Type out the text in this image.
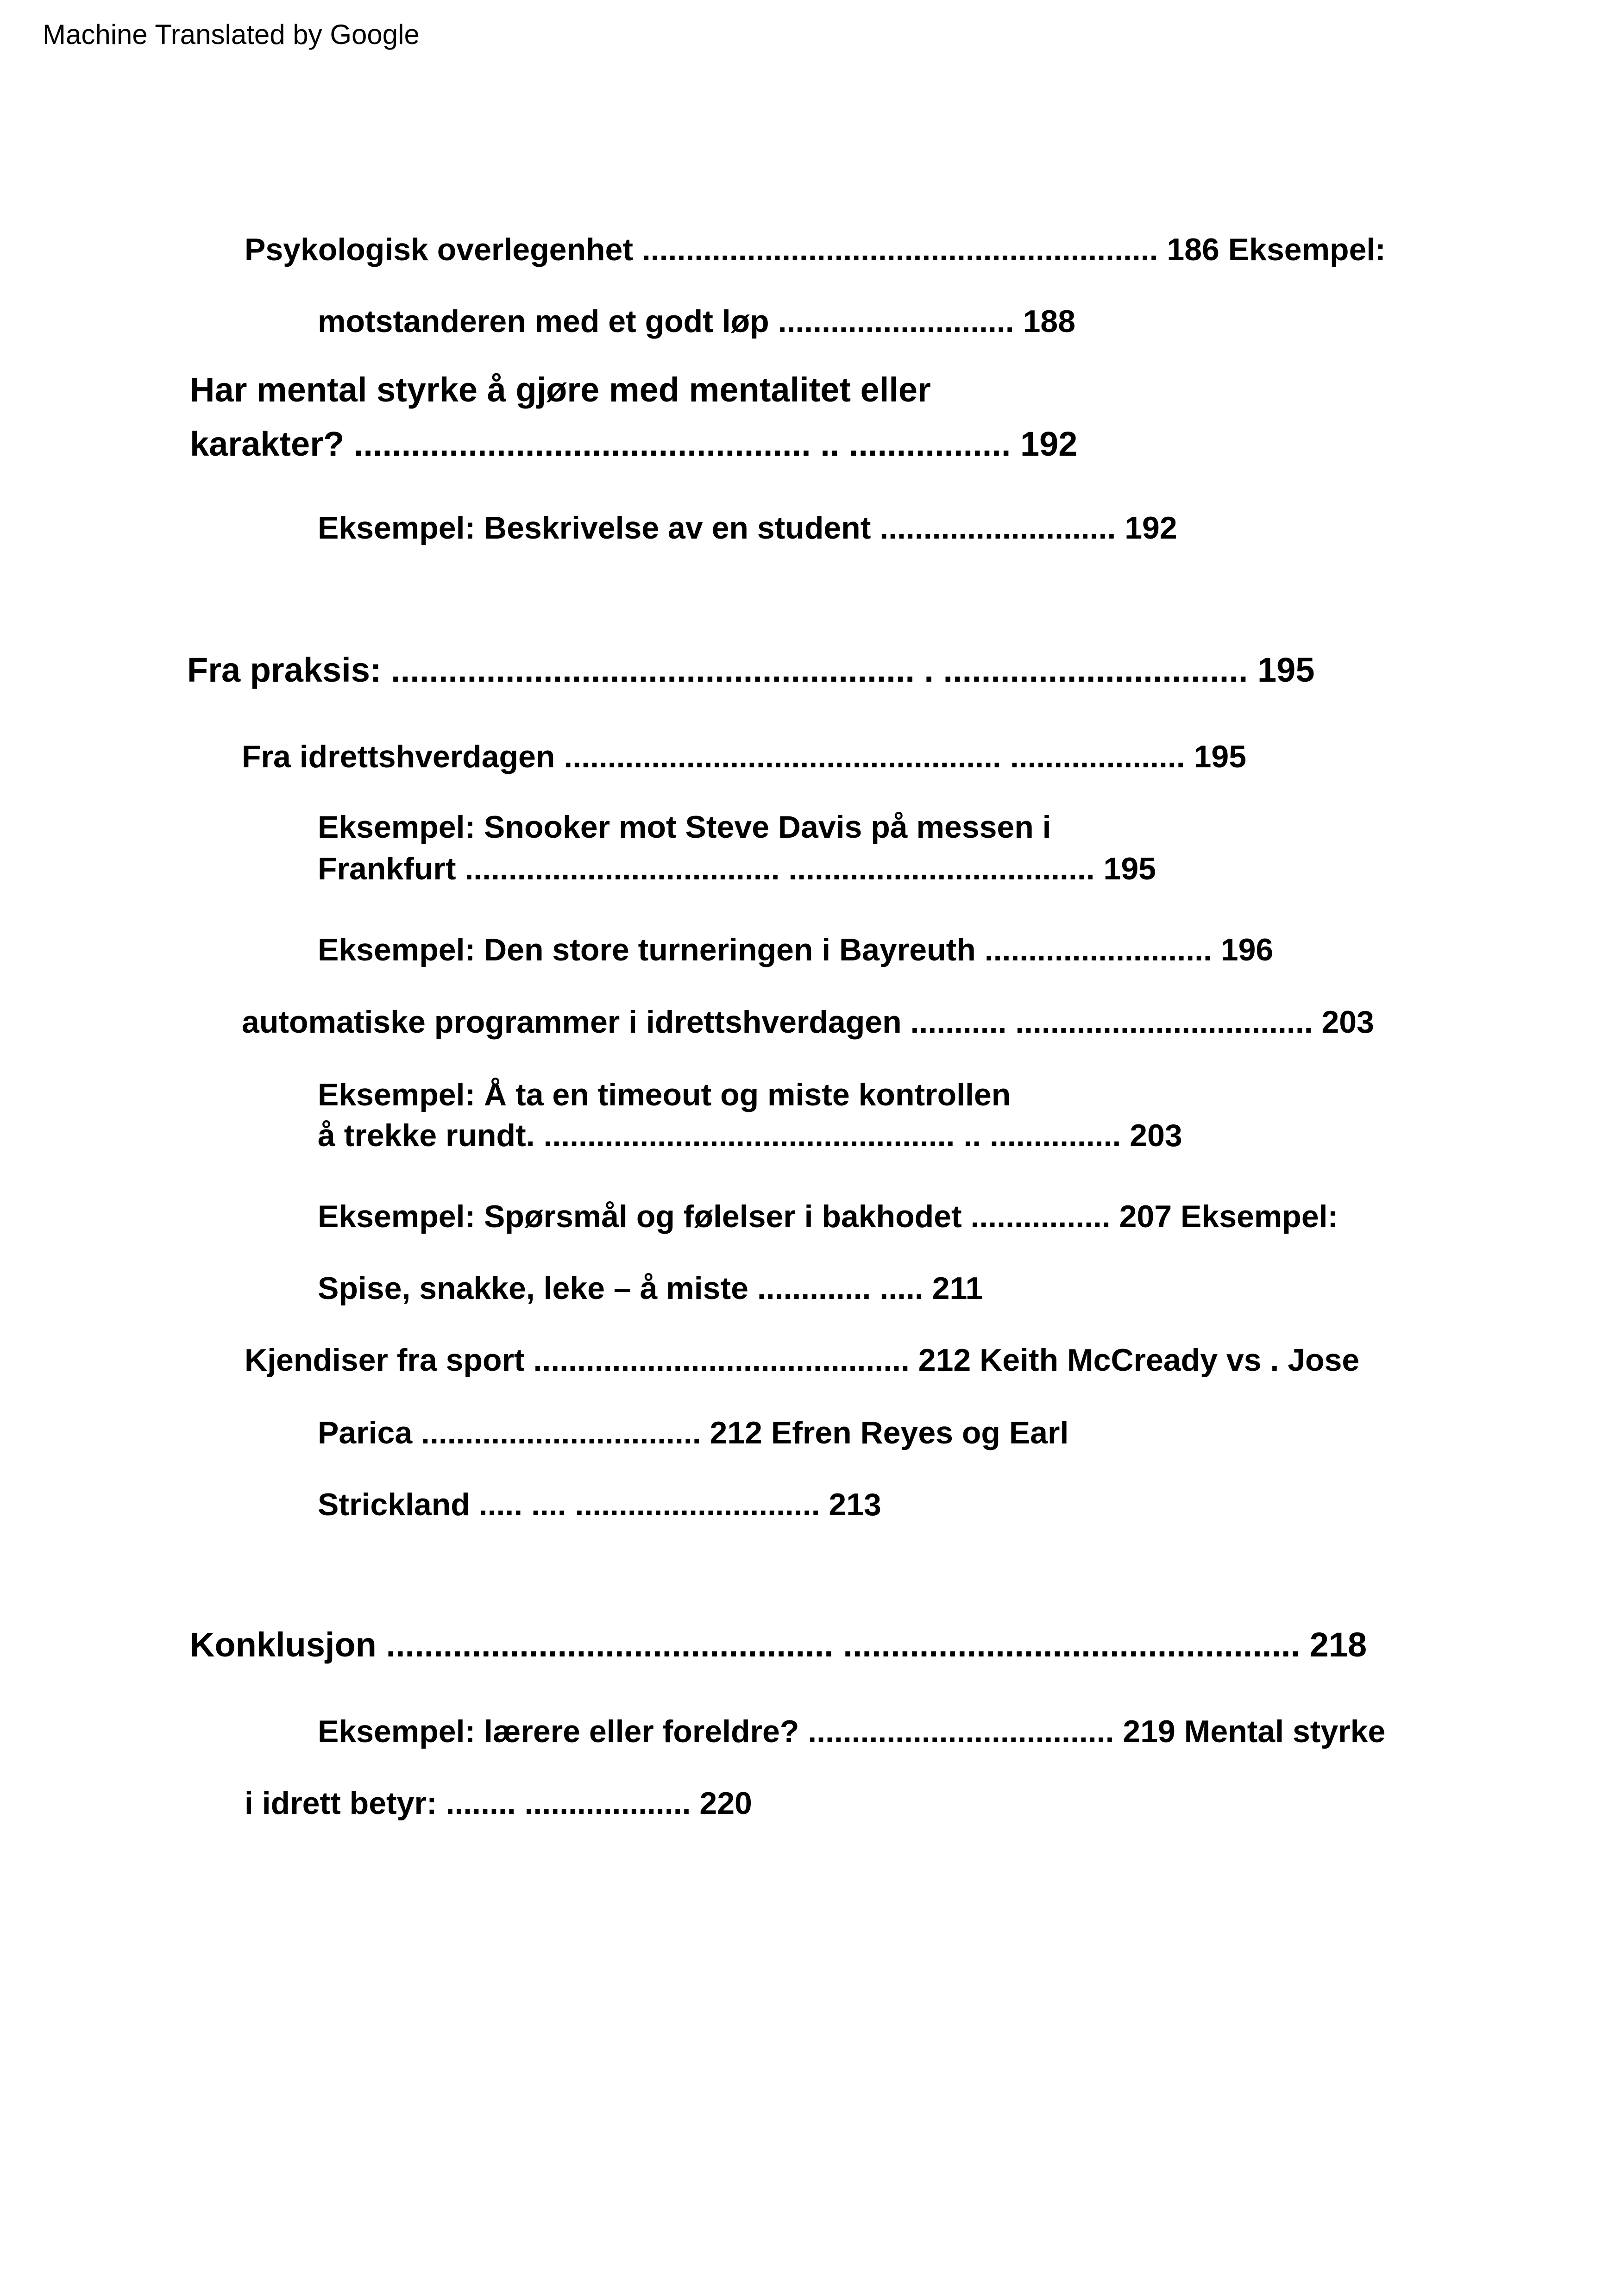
Machine Translated by Google
Psykologisk overlegenhet ........................................................... 186 Eksempel:
motstanderen med et godt løp ........................... 188
Har mental styrke å gjøre med mentalitet eller
karakter? ................................................ .. ................. 192
Eksempel: Beskrivelse av en student ........................... 192
Fra praksis: ....................................................... . ................................ 195
Fra idrettshverdagen .................................................. .................... 195
Eksempel: Snooker mot Steve Davis på messen i
Frankfurt .................................... ................................... 195
Eksempel: Den store turneringen i Bayreuth .......................... 196
automatiske programmer i idrettshverdagen ........... .................................. 203
Eksempel: Å ta en timeout og miste kontrollen
å trekke rundt. ............................................... .. ............... 203
Eksempel: Spørsmål og følelser i bakhodet ................ 207 Eksempel:
Spise, snakke, leke – å miste ............. ..... 211
Kjendiser fra sport ........................................... 212 Keith McCready vs . Jose
Parica ................................ 212 Efren Reyes og Earl
Strickland ..... .... ............................ 213
Konklusjon ............................................... ................................................ 218
Eksempel: lærere eller foreldre? ................................... 219 Mental styrke
i idrett betyr: ........ ................... 220
